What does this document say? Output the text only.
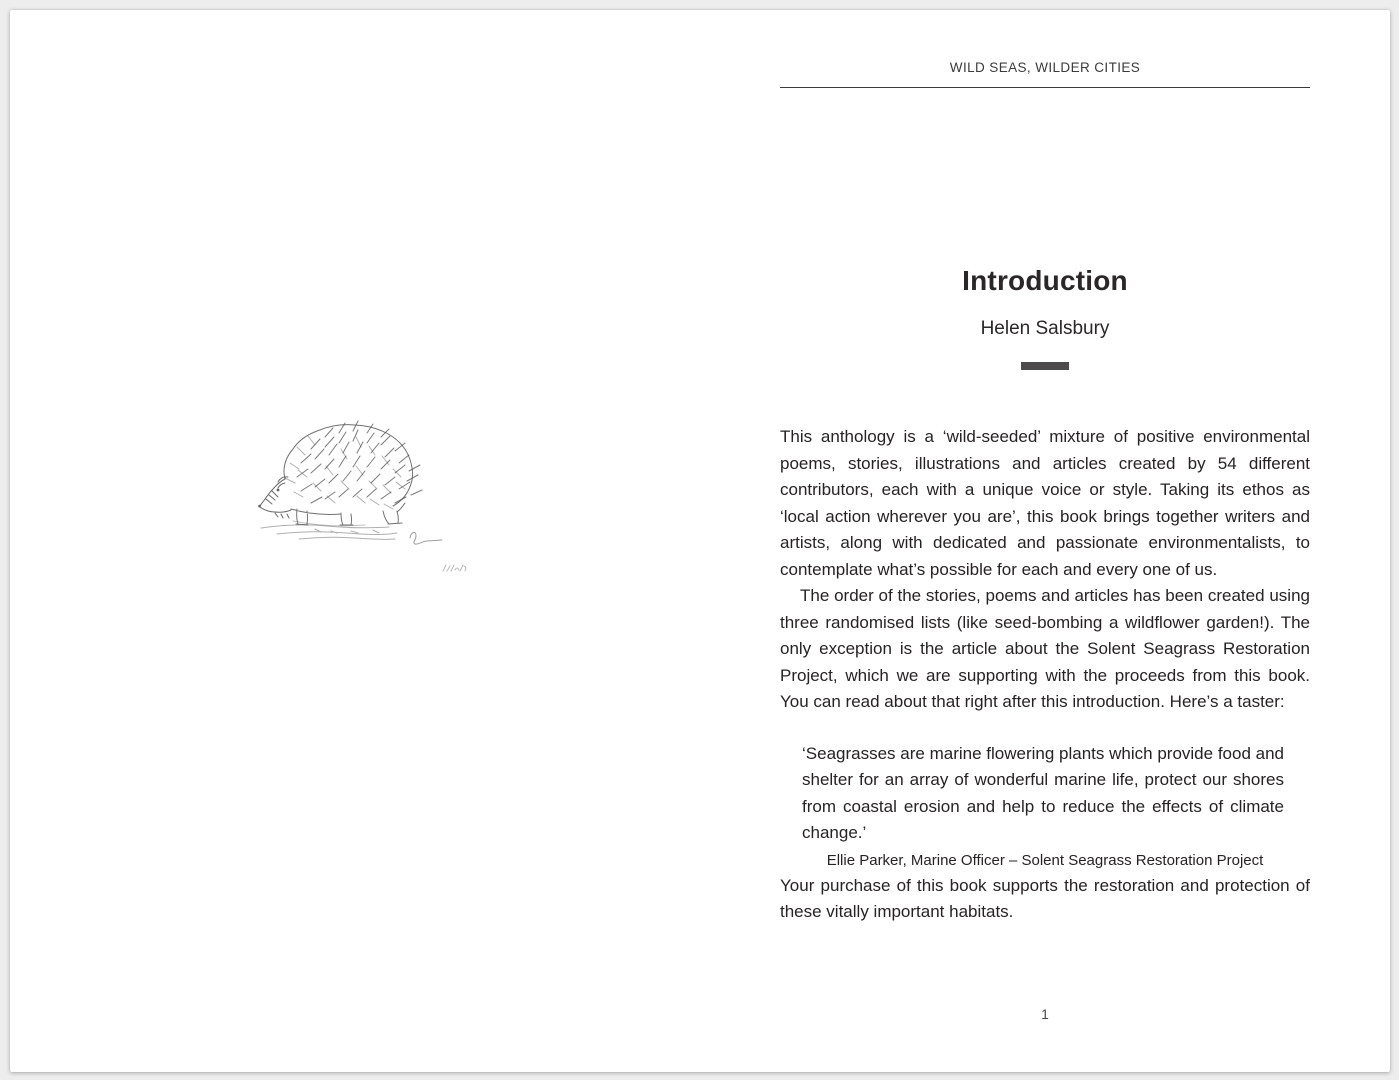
WILD SEAS, WILDER CITIES
Introduction
Helen Salsbury

This anthology is a ‘wild-seeded’ mixture of positive environmental poems, stories, illustrations and articles created by 54 different contributors, each with a unique voice or style. Taking its ethos as ‘local action wherever you are’, this book brings together writers and artists, along with dedicated and passionate environmentalists, to contemplate what’s possible for each and every one of us.

The order of the stories, poems and articles has been created using three randomised lists (like seed-bombing a wildflower garden!). The only exception is the article about the Solent Seagrass Restoration Project, which we are supporting with the proceeds from this book. You can read about that right after this introduction. Here’s a taster:

‘Seagrasses are marine flowering plants which provide food and shelter for an array of wonderful marine life, protect our shores from coastal erosion and help to reduce the effects of climate change.’
Ellie Parker, Marine Officer – Solent Seagrass Restoration Project

Your purchase of this book supports the restoration and protection of these vitally important habitats.

1
